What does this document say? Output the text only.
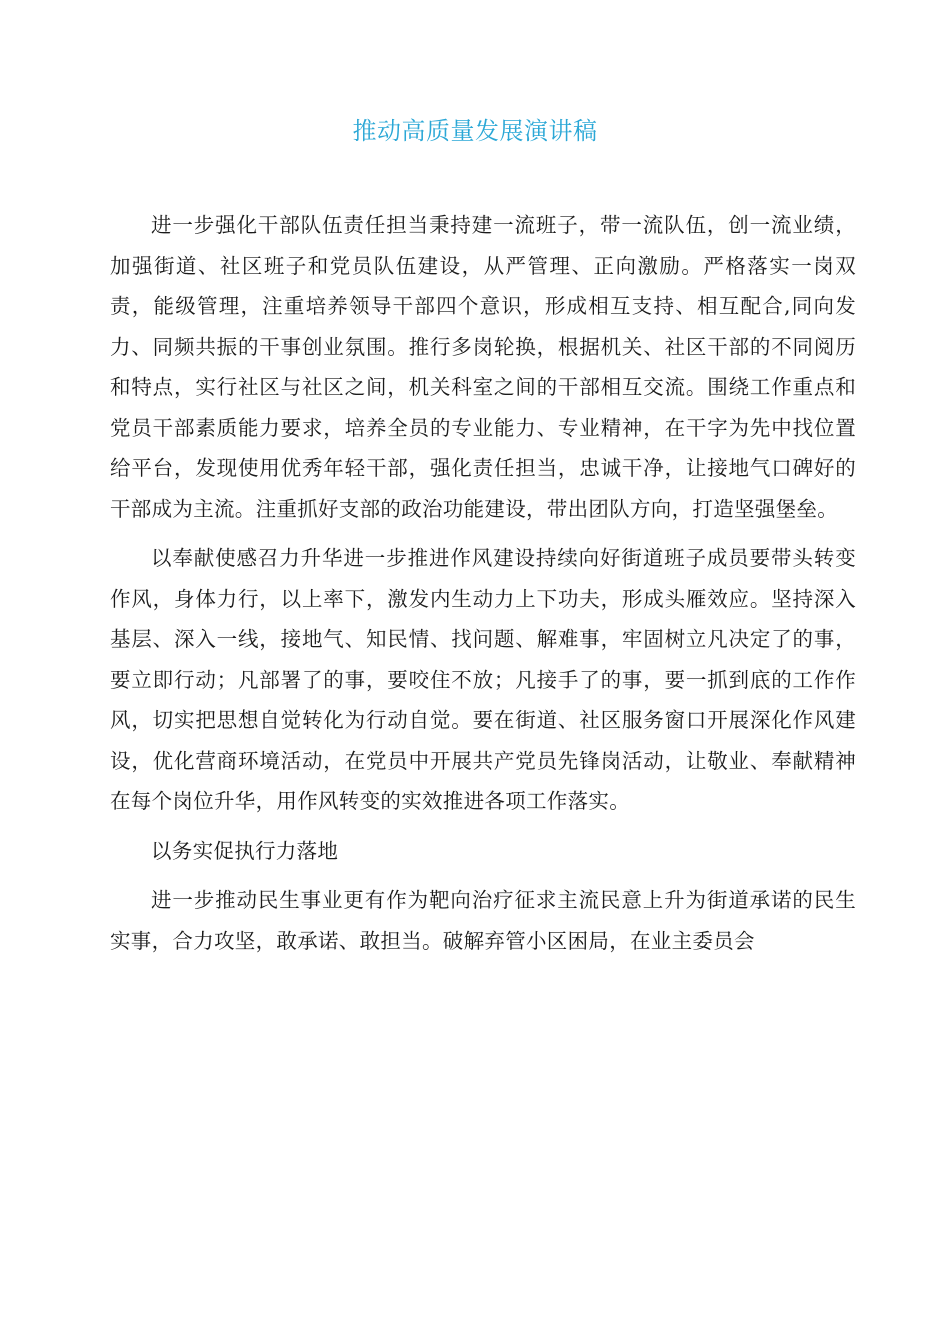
推动高质量发展演讲稿

进一步强化干部队伍责任担当秉持建一流班子，带一流队伍，创一流业绩，加强街道、社区班子和党员队伍建设，从严管理、正向激励。严格落实一岗双责，能级管理，注重培养领导干部四个意识，形成相互支持、相互配合,同向发力、同频共振的干事创业氛围。推行多岗轮换，根据机关、社区干部的不同阅历和特点，实行社区与社区之间，机关科室之间的干部相互交流。围绕工作重点和党员干部素质能力要求，培养全员的专业能力、专业精神，在干字为先中找位置给平台，发现使用优秀年轻干部，强化责任担当，忠诚干净，让接地气口碑好的干部成为主流。注重抓好支部的政治功能建设，带出团队方向，打造坚强堡垒。

以奉献使感召力升华进一步推进作风建设持续向好街道班子成员要带头转变作风，身体力行，以上率下，激发内生动力上下功夫，形成头雁效应。坚持深入基层、深入一线，接地气、知民情、找问题、解难事，牢固树立凡决定了的事，要立即行动；凡部署了的事，要咬住不放；凡接手了的事，要一抓到底的工作作风，切实把思想自觉转化为行动自觉。要在街道、社区服务窗口开展深化作风建设，优化营商环境活动，在党员中开展共产党员先锋岗活动，让敬业、奉献精神在每个岗位升华，用作风转变的实效推进各项工作落实。

以务实促执行力落地

进一步推动民生事业更有作为靶向治疗征求主流民意上升为街道承诺的民生实事，合力攻坚，敢承诺、敢担当。破解弃管小区困局，在业主委员会
